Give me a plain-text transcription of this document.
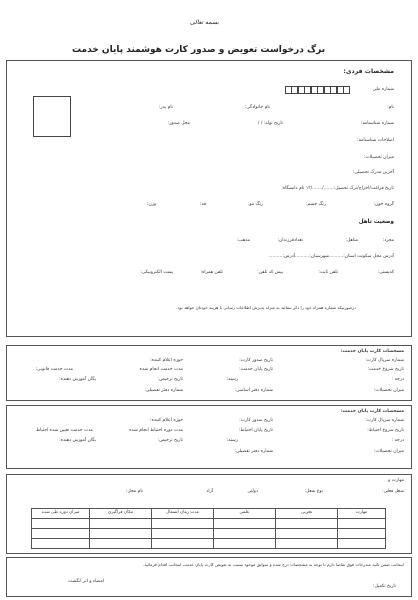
بسمه تعالی
برگ درخواست تعویض و صدور کارت هوشمند پایان خدمت
مشخصات فردی:
شماره ملی
نام:
نام خانوادگی:
نام پدر:
شماره شناسنامه:
تاریخ تولد: / /
محل صدور:
اصلاحات شناسنامه:
میزان تحصیلات:
آخرین مدرک تحصیلی:
تاریخ فراغت/اخراج/ترک تحصیل:......./......./۱۳ نام دانشگاه:
گروه خون:
رنگ چشم:
رنگ مو:
قد:
وزن:
وضعیت تاهل
مجرد:
متاهل:
تعدادفرزندان:
مذهب:
آدرس محل سکونت استان:..........شهرستان:..........آدرس:..........
کدپستی:
تلفن ثابت:
پیش کد تلفن:
تلفن همراه:
پست الکترونیکی:
درصورتیکه شماره همراه خود را ذکر ننمائید به منزله پذیرش اطلاعات رسانی با هزینه خودتان خواهد بود.
مشخصات کارت پایان خدمت:
شماره سریال کارت:
تاریخ صدور کارت:
حوزه اعلام کننده:
تاریخ شروع خدمت:
تاریخ پایان خدمت:
مدت خدمت انجام شده
مدت خدمت قانونی:
درجه :
رسته:
تاریخ ترخیص:
یگان آموزش دهنده:
میزان تحصیلات:
شماره دفتر اساسی:
شماره دفتر تفصیلی:
مشخصات کارت پایان خدمت:
شماره سریال کارت:
تاریخ صدور کارت:
حوزه اعلام کننده:
تاریخ شروع احتیاط:
تاریخ پایان احتیاط:
مدت دوره احتیاط انجام شده
مدت خدمت تعیین شده احتیاط
درجه :
رسته:
تاریخ ترخیص:
یگان آموزش دهنده:
میزان تحصیلات:
شماره دفتر تفصیلی:
مهارت و
شغل فعلی:
نوع شغل:
دولتی
آزاد
نام محل:
مهارت	تجربی	علمی	مدت زمان اشتغال	مکان فراگیری	میزان دوره طی شده

اینجانب ضمن تائید مندرجات فوق تقاضا دارم با توجه به مشخصات درج شده و سوابق موجود نسبت به تعویض کارت پایان خدمت اینجانب اقدام فرمائید.
تاریخ تکمیل:
امضاء و اثر انگشت
